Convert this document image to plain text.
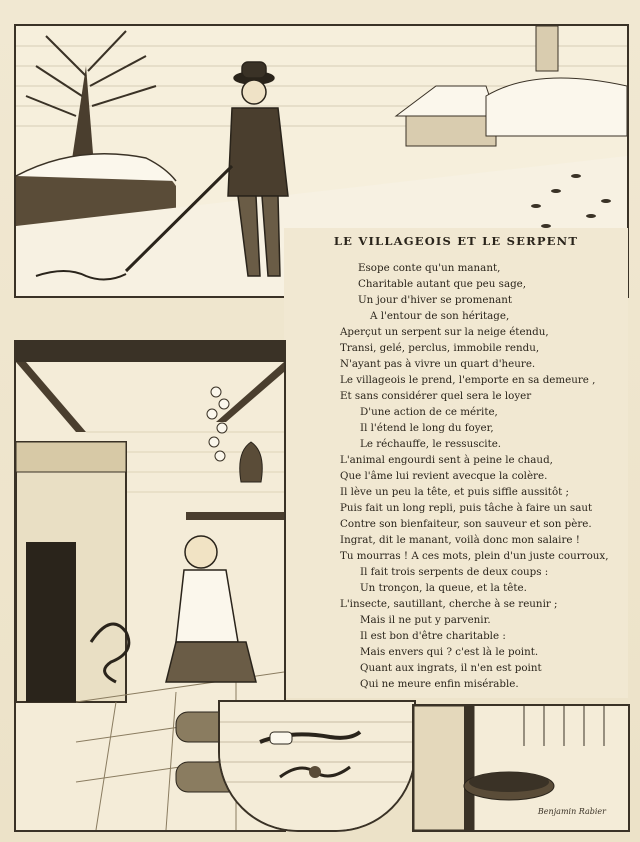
LE VILLAGEOIS ET LE SERPENT
Esope conte qu'un manant,
Charitable autant que peu sage,
Un jour d'hiver se promenant
A l'entour de son héritage,
Aperçut un serpent sur la neige étendu,
Transi, gelé, perclus, immobile rendu,
N'ayant pas à vivre un quart d'heure.
Le villageois le prend, l'emporte en sa demeure ,
Et sans considérer quel sera le loyer
D'une action de ce mérite,
Il l'étend le long du foyer,
Le réchauffe, le ressuscite.
L'animal engourdi sent à peine le chaud,
Que l'âme lui revient avecque la colère.
Il lève un peu la tête, et puis siffle aussitôt ;
Puis fait un long repli, puis tâche à faire un saut
Contre son bienfaiteur, son sauveur et son père.
Ingrat, dit le manant, voilà donc mon salaire !
Tu mourras ! A ces mots, plein d'un juste courroux,
Il fait trois serpents de deux coups :
Un tronçon, la queue, et la tête.
L'insecte, sautillant, cherche à se reunir ;
Mais il ne put y parvenir.
Il est bon d'être charitable :
Mais envers qui ? c'est là le point.
Quant aux ingrats, il n'en est point
Qui ne meure enfin misérable.
Benjamin Rabier
